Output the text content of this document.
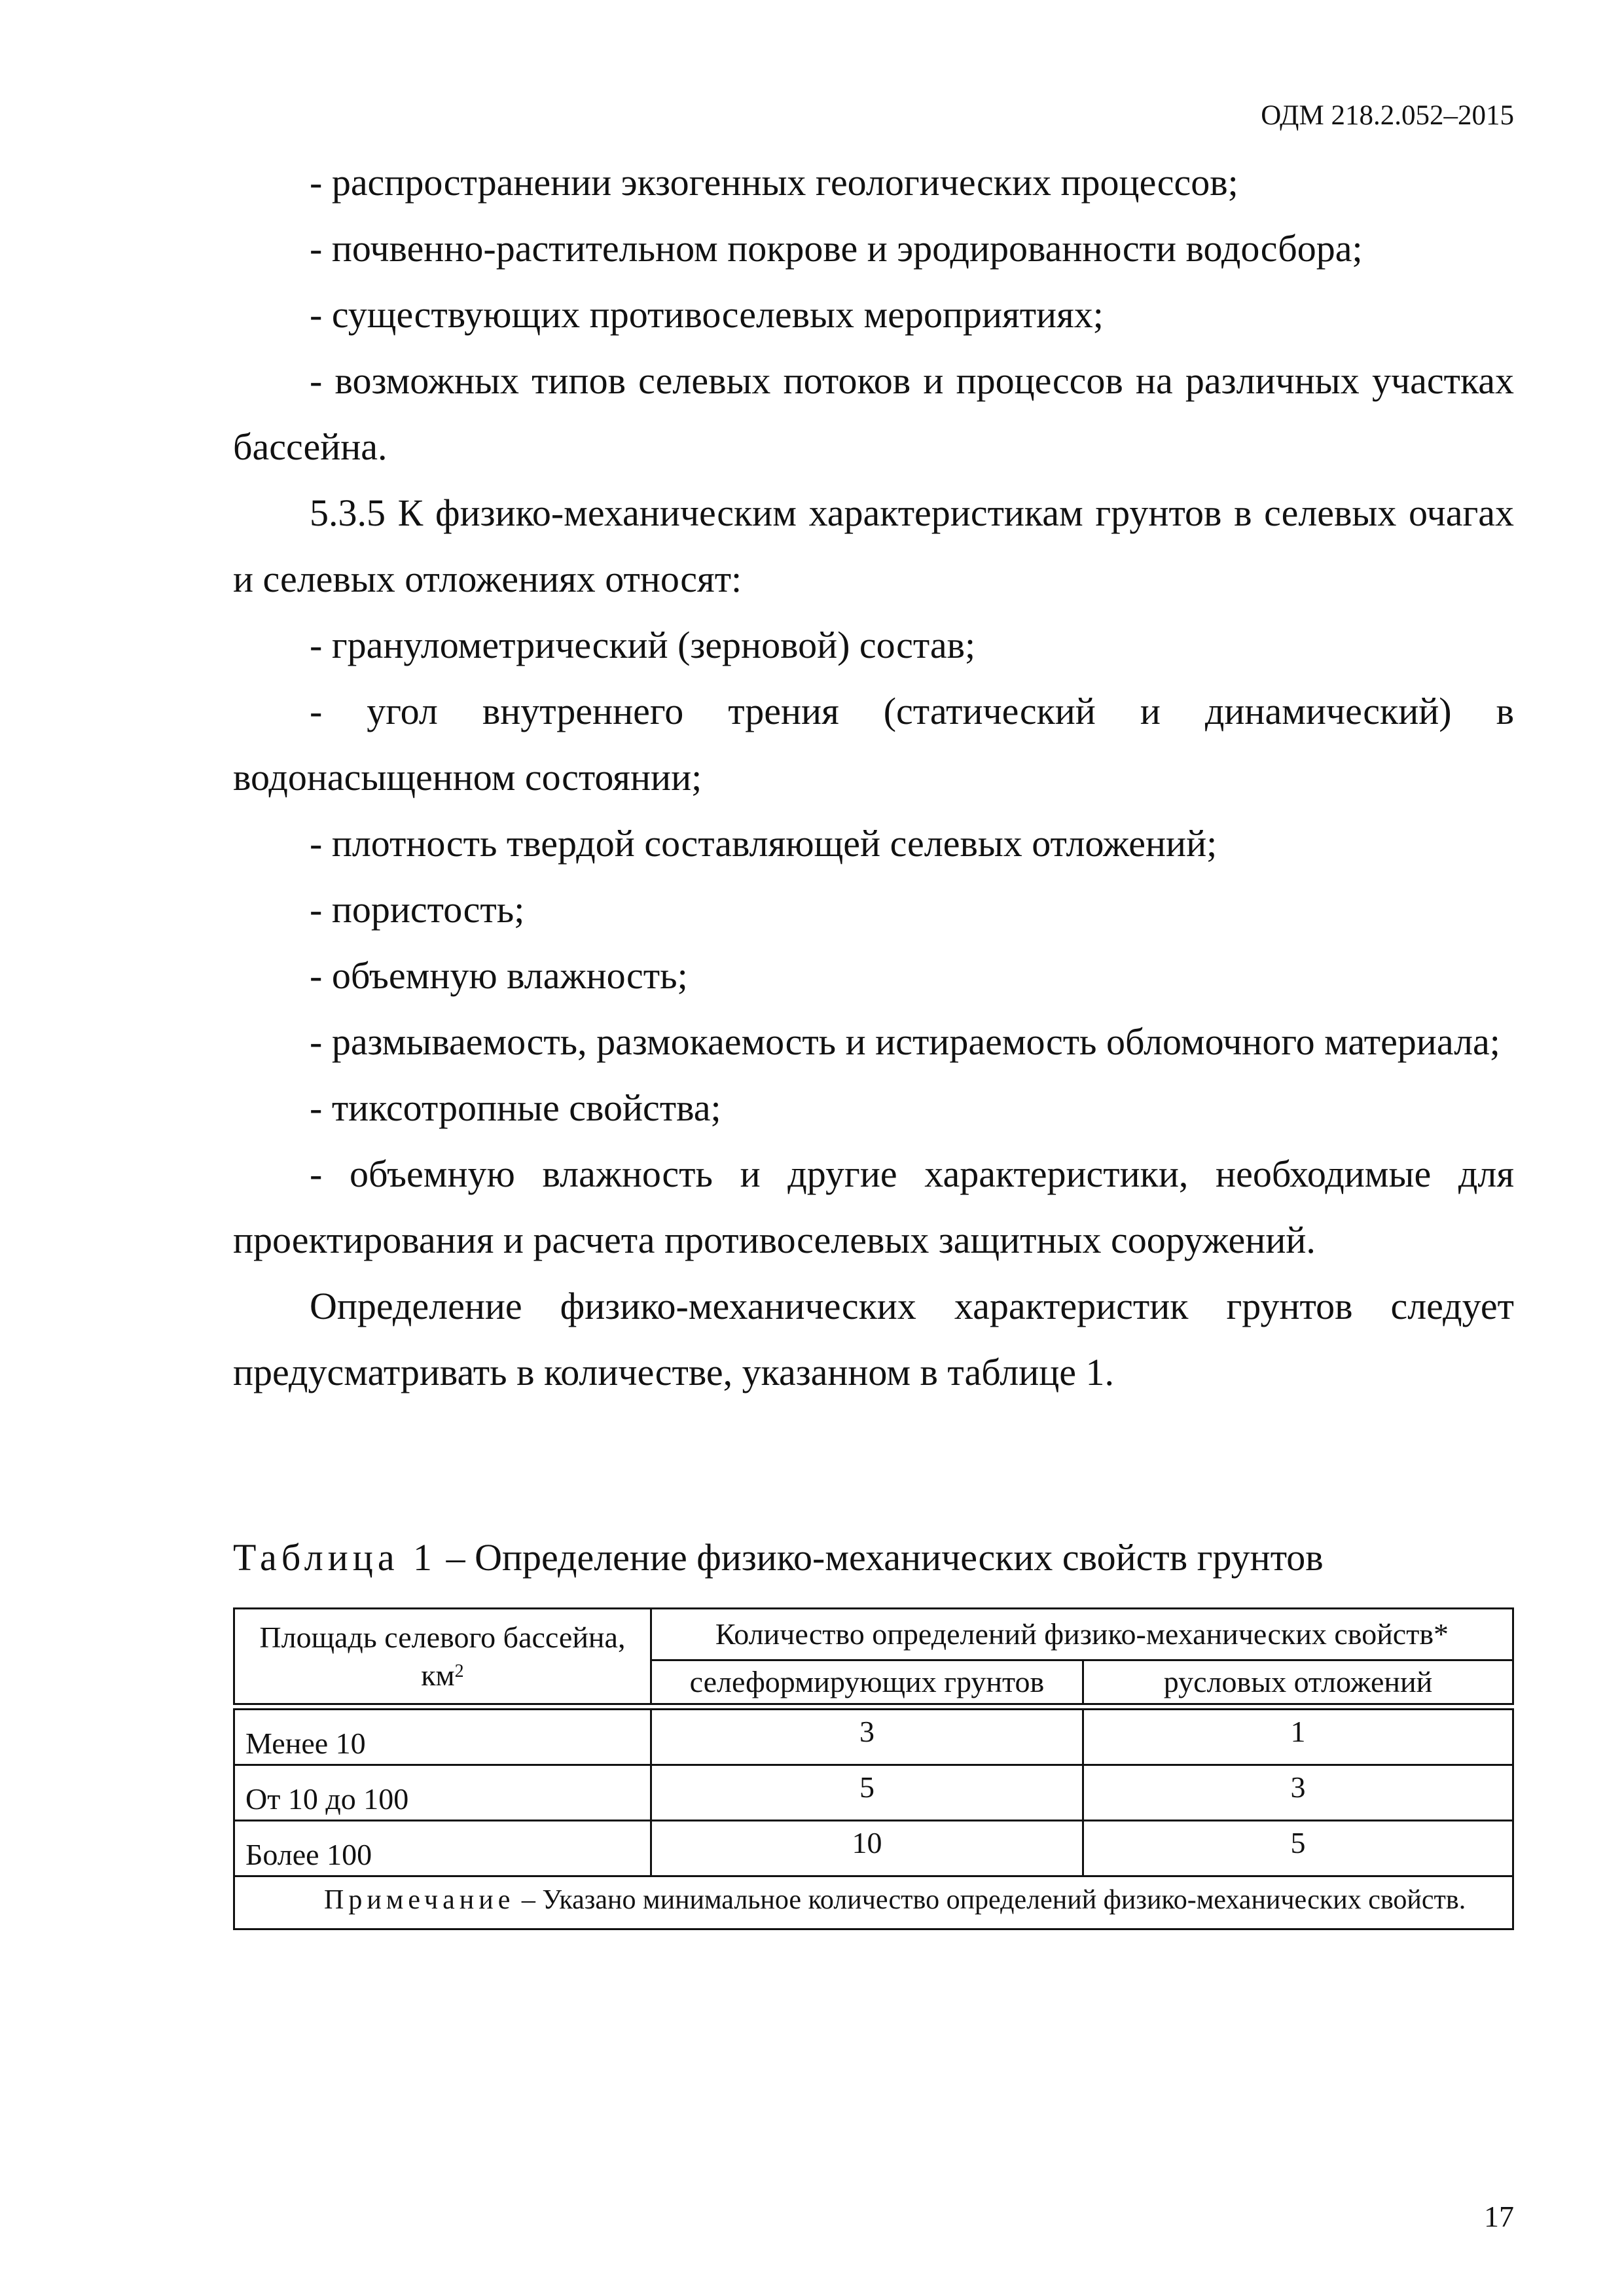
ОДМ 218.2.052–2015

- распространении экзогенных геологических процессов;

- почвенно-растительном покрове и эродированности водосбора;

- существующих противоселевых мероприятиях;

- возможных типов селевых потоков и процессов на различных участках бассейна.

5.3.5 К физико-механическим характеристикам грунтов в селевых очагах и селевых отложениях относят:

- гранулометрический (зерновой) состав;

- угол внутреннего трения (статический и динамический) в водонасыщенном состоянии;

- плотность твердой составляющей селевых отложений;

- пористость;

- объемную влажность;

- размываемость, размокаемость и истираемость обломочного материала;

- тиксотропные свойства;

- объемную влажность и другие характеристики, необходимые для проектирования и расчета противоселевых защитных сооружений.

Определение физико-механических характеристик грунтов следует предусматривать в количестве, указанном в таблице 1.

Таблица 1 – Определение физико-механических свойств грунтов
Площадь селевого бассейна, $км^2$	Количество определений физико-механических свойств*	
	селеформирующих грунтов	русловых отложений

Менее 10	3	1
От 10 до 100	5	3
Более 100	10	5
Примечание – Указано минимальное количество определений физико-механических свойств.		
17
